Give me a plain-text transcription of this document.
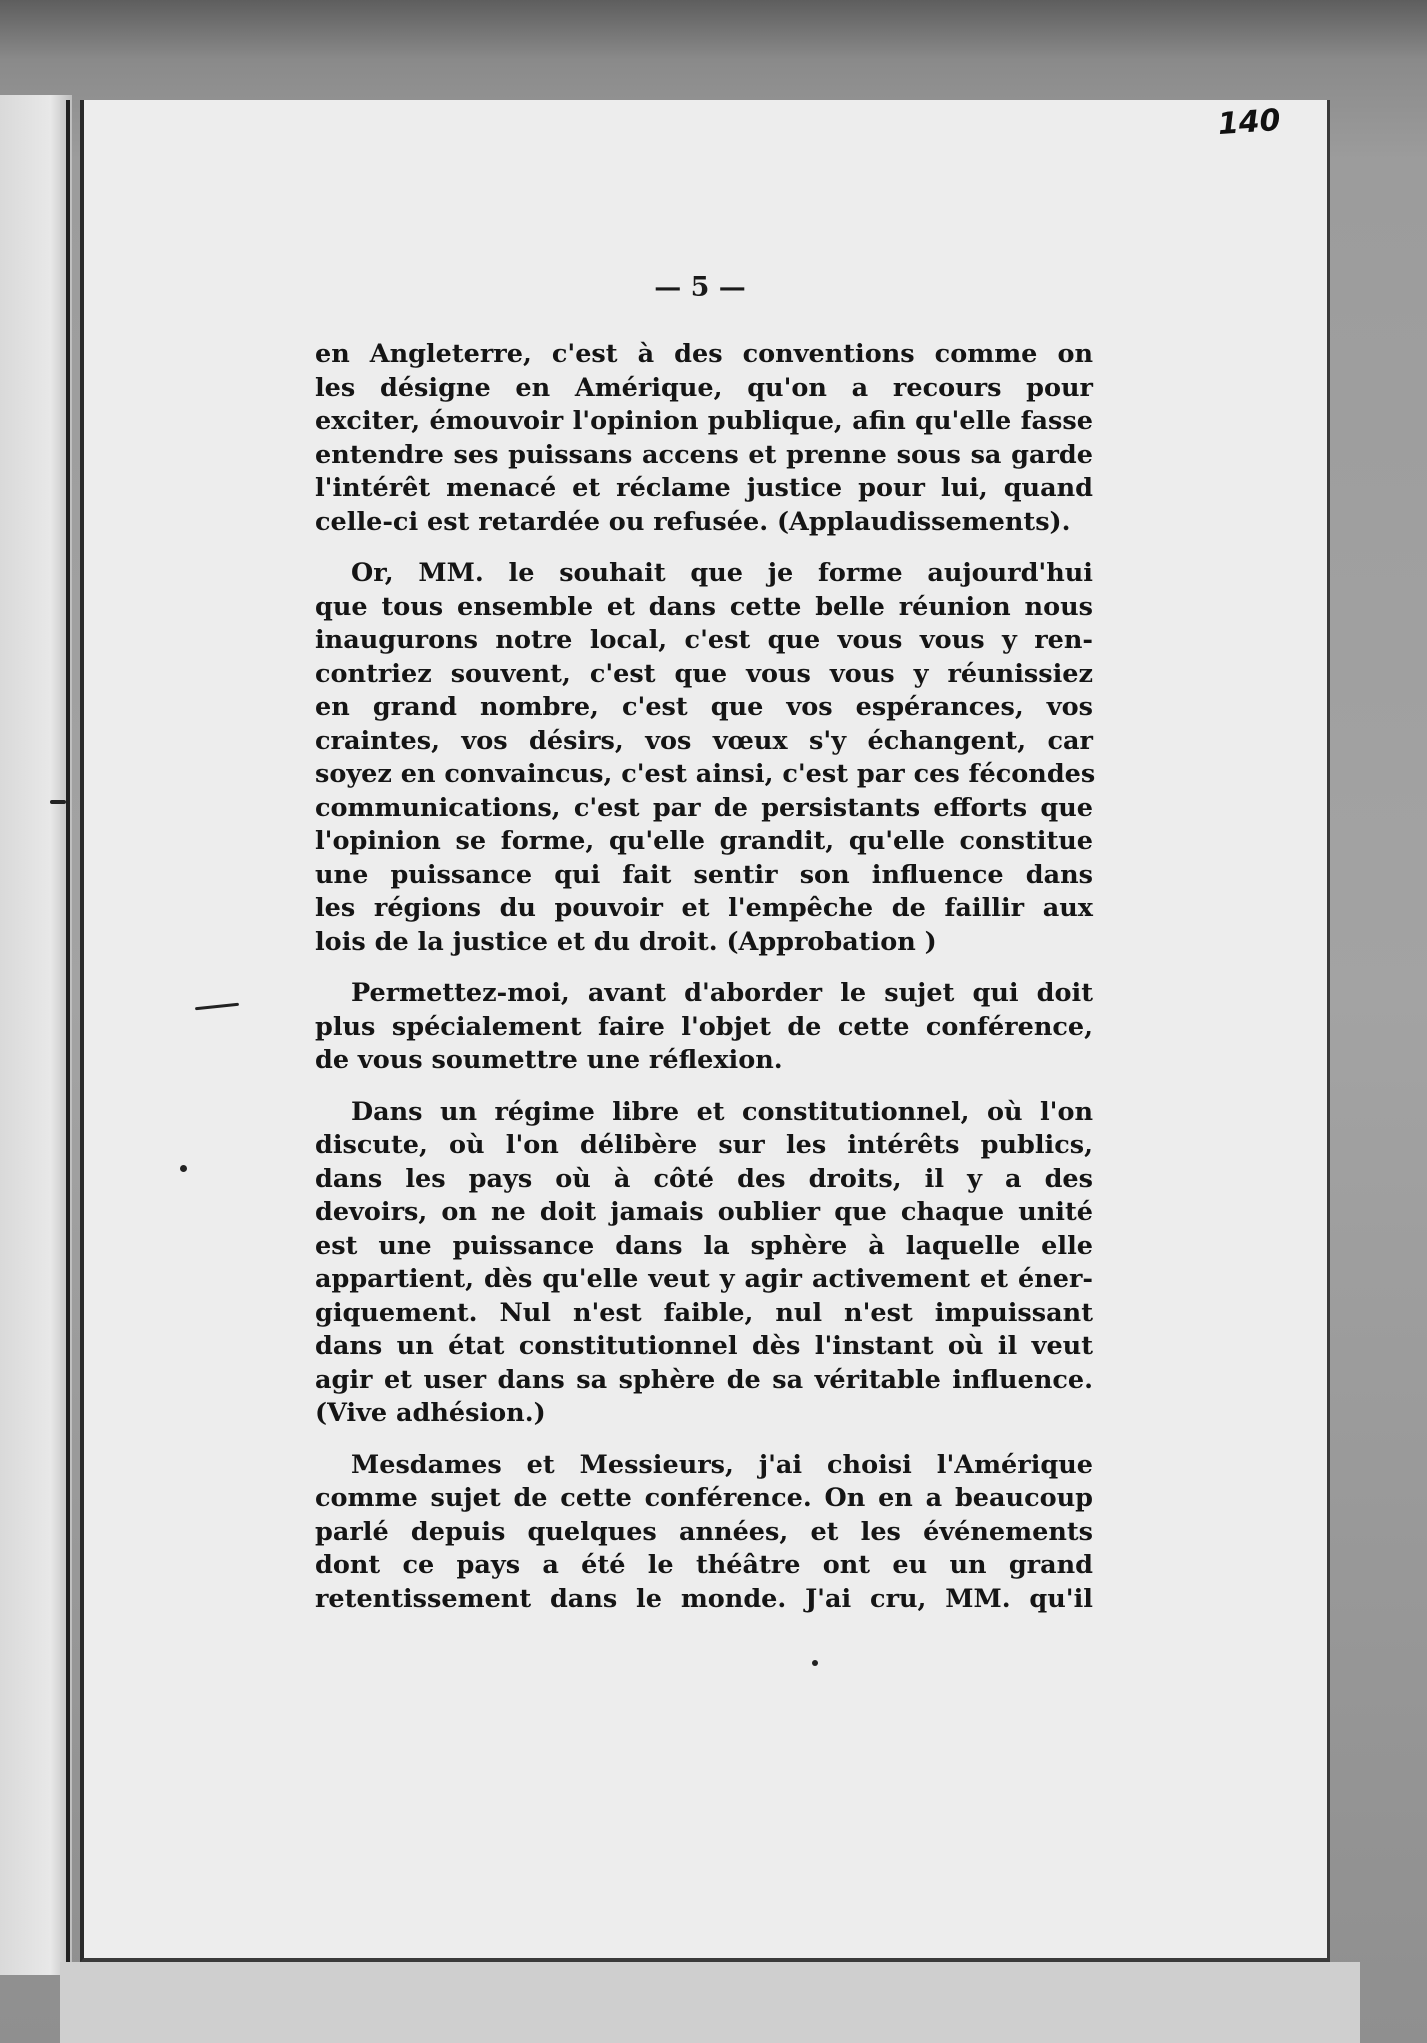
140
— 5 —
en Angleterre, c'est à des conventions comme on
les désigne en Amérique, qu'on a recours pour
exciter, émouvoir l'opinion publique, afin qu'elle fasse
entendre ses puissans accens et prenne sous sa garde
l'intérêt menacé et réclame justice pour lui, quand
celle-ci est retardée ou refusée. (Applaudissements).
Or, MM. le souhait que je forme aujourd'hui
que tous ensemble et dans cette belle réunion nous
inaugurons notre local, c'est que vous vous y ren-
contriez souvent, c'est que vous vous y réunissiez
en grand nombre, c'est que vos espérances, vos
craintes, vos désirs, vos vœux s'y échangent, car
soyez en convaincus, c'est ainsi, c'est par ces fécondes
communications, c'est par de persistants efforts que
l'opinion se forme, qu'elle grandit, qu'elle constitue
une puissance qui fait sentir son influence dans
les régions du pouvoir et l'empêche de faillir aux
lois de la justice et du droit. (Approbation )
Permettez-moi, avant d'aborder le sujet qui doit
plus spécialement faire l'objet de cette conférence,
de vous soumettre une réflexion.
Dans un régime libre et constitutionnel, où l'on
discute, où l'on délibère sur les intérêts publics,
dans les pays où à côté des droits, il y a des
devoirs, on ne doit jamais oublier que chaque unité
est une puissance dans la sphère à laquelle elle
appartient, dès qu'elle veut y agir activement et éner-
giquement. Nul n'est faible, nul n'est impuissant
dans un état constitutionnel dès l'instant où il veut
agir et user dans sa sphère de sa véritable influence.
(Vive adhésion.)
Mesdames et Messieurs, j'ai choisi l'Amérique
comme sujet de cette conférence. On en a beaucoup
parlé depuis quelques années, et les événements
dont ce pays a été le théâtre ont eu un grand
retentissement dans le monde. J'ai cru, MM. qu'il
